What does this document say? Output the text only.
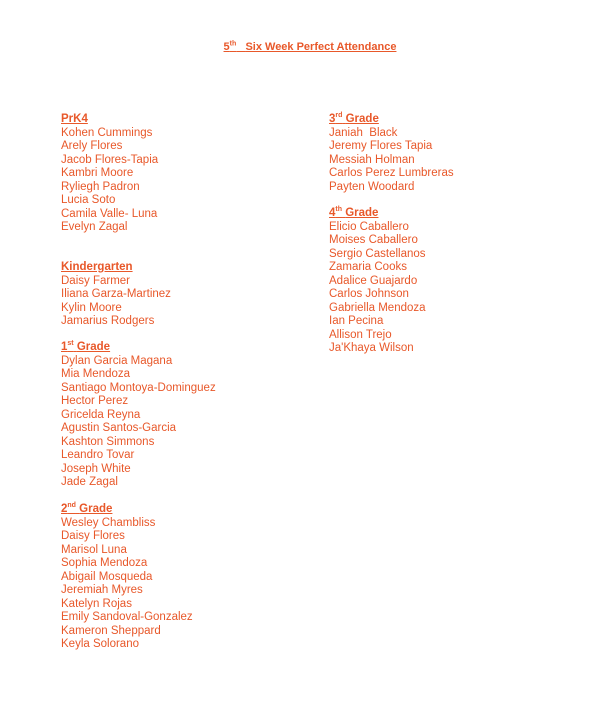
5th Six Week Perfect Attendance
PrK4
Kohen Cummings
Arely Flores
Jacob Flores-Tapia
Kambri Moore
Ryliegh Padron
Lucia Soto
Camila Valle- Luna
Evelyn Zagal
Kindergarten
Daisy Farmer
Iliana Garza-Martinez
Kylin Moore
Jamarius Rodgers
1st Grade
Dylan Garcia Magana
Mia Mendoza
Santiago Montoya-Dominguez
Hector Perez
Gricelda Reyna
Agustin Santos-Garcia
Kashton Simmons
Leandro Tovar
Joseph White
Jade Zagal
2nd Grade
Wesley Chambliss
Daisy Flores
Marisol Luna
Sophia Mendoza
Abigail Mosqueda
Jeremiah Myres
Katelyn Rojas
Emily Sandoval-Gonzalez
Kameron Sheppard
Keyla Solorano
3rd Grade
Janiah  Black
Jeremy Flores Tapia
Messiah Holman
Carlos Perez Lumbreras
Payten Woodard
4th Grade
Elicio Caballero
Moises Caballero
Sergio Castellanos
Zamaria Cooks
Adalice Guajardo
Carlos Johnson
Gabriella Mendoza
Ian Pecina
Allison Trejo
Ja'Khaya Wilson
